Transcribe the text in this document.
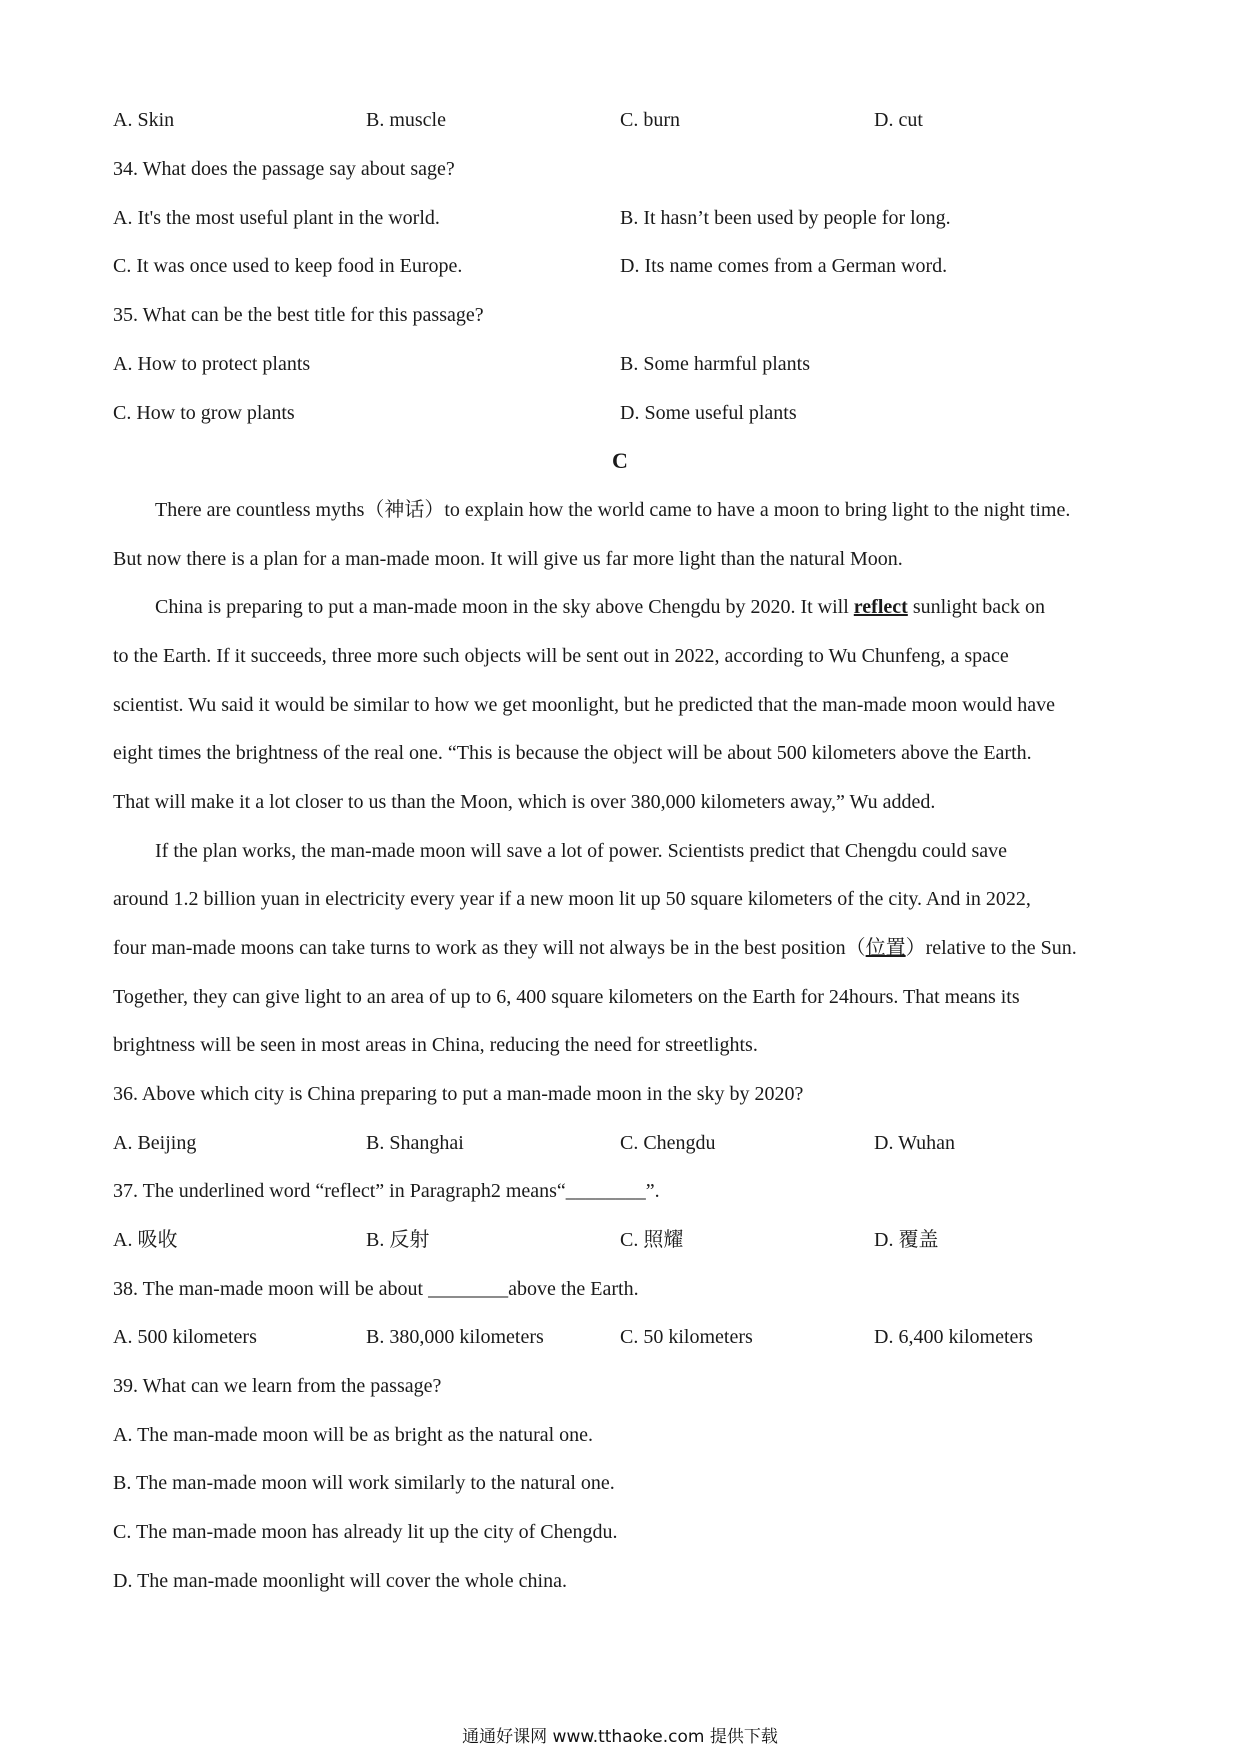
A. Skin	B. muscle	C. burn	D. cut
34. What does the passage say about sage?
A. It's the most useful plant in the world.	B. It hasn’t been used by people for long.
C. It was once used to keep food in Europe.	D. Its name comes from a German word.
35. What can be the best title for this passage?
A. How to protect plants	B. Some harmful plants
C. How to grow plants	D. Some useful plants
C
There are countless myths（神话）to explain how the world came to have a moon to bring light to the night time.
But now there is a plan for a man-made moon. It will give us far more light than the natural Moon.
China is preparing to put a man-made moon in the sky above Chengdu by 2020. It will reflect sunlight back on
to the Earth. If it succeeds, three more such objects will be sent out in 2022, according to Wu Chunfeng, a space
scientist. Wu said it would be similar to how we get moonlight, but he predicted that the man-made moon would have
eight times the brightness of the real one. “This is because the object will be about 500 kilometers above the Earth.
That will make it a lot closer to us than the Moon, which is over 380,000 kilometers away,” Wu added.
If the plan works, the man-made moon will save a lot of power. Scientists predict that Chengdu could save
around 1.2 billion yuan in electricity every year if a new moon lit up 50 square kilometers of the city. And in 2022,
four man-made moons can take turns to work as they will not always be in the best position（位置）relative to the Sun.
Together, they can give light to an area of up to 6, 400 square kilometers on the Earth for 24hours. That means its
brightness will be seen in most areas in China, reducing the need for streetlights.
36. Above which city is China preparing to put a man-made moon in the sky by 2020?
A. Beijing	B. Shanghai	C. Chengdu	D. Wuhan
37. The underlined word “reflect” in Paragraph2 means“________”.
A. 吸收	B. 反射	C. 照耀	D. 覆盖
38. The man-made moon will be about ________above the Earth.
A. 500 kilometers	B. 380,000 kilometers	C. 50 kilometers	D. 6,400 kilometers
39. What can we learn from the passage?
A. The man-made moon will be as bright as the natural one.
B. The man-made moon will work similarly to the natural one.
C. The man-made moon has already lit up the city of Chengdu.
D. The man-made moonlight will cover the whole china.
通通好课网 www.tthaoke.com 提供下载
